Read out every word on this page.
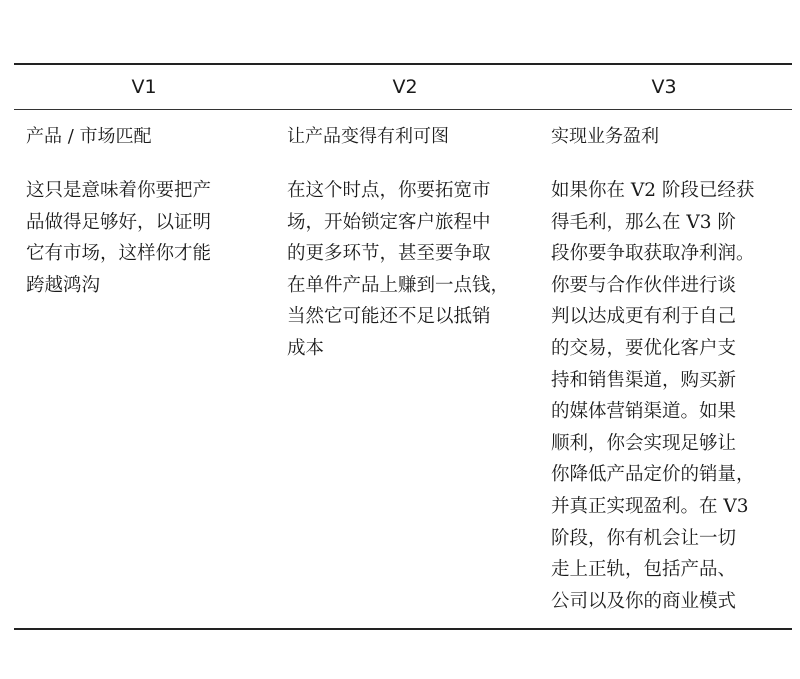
V1	V2	V3

产品 / 市场匹配

这只是意味着你要把产
品做得足够好，以证明
它有市场，这样你才能
跨越鸿沟

让产品变得有利可图

在这个时点，你要拓宽市
场，开始锁定客户旅程中
的更多环节，甚至要争取
在单件产品上赚到一点钱，
当然它可能还不足以抵销
成本

实现业务盈利

如果你在 V2 阶段已经获
得毛利，那么在 V3 阶
段你要争取获取净利润。
你要与合作伙伴进行谈
判以达成更有利于自己
的交易，要优化客户支
持和销售渠道，购买新
的媒体营销渠道。如果
顺利，你会实现足够让
你降低产品定价的销量，
并真正实现盈利。在 V3
阶段，你有机会让一切
走上正轨，包括产品、
公司以及你的商业模式
